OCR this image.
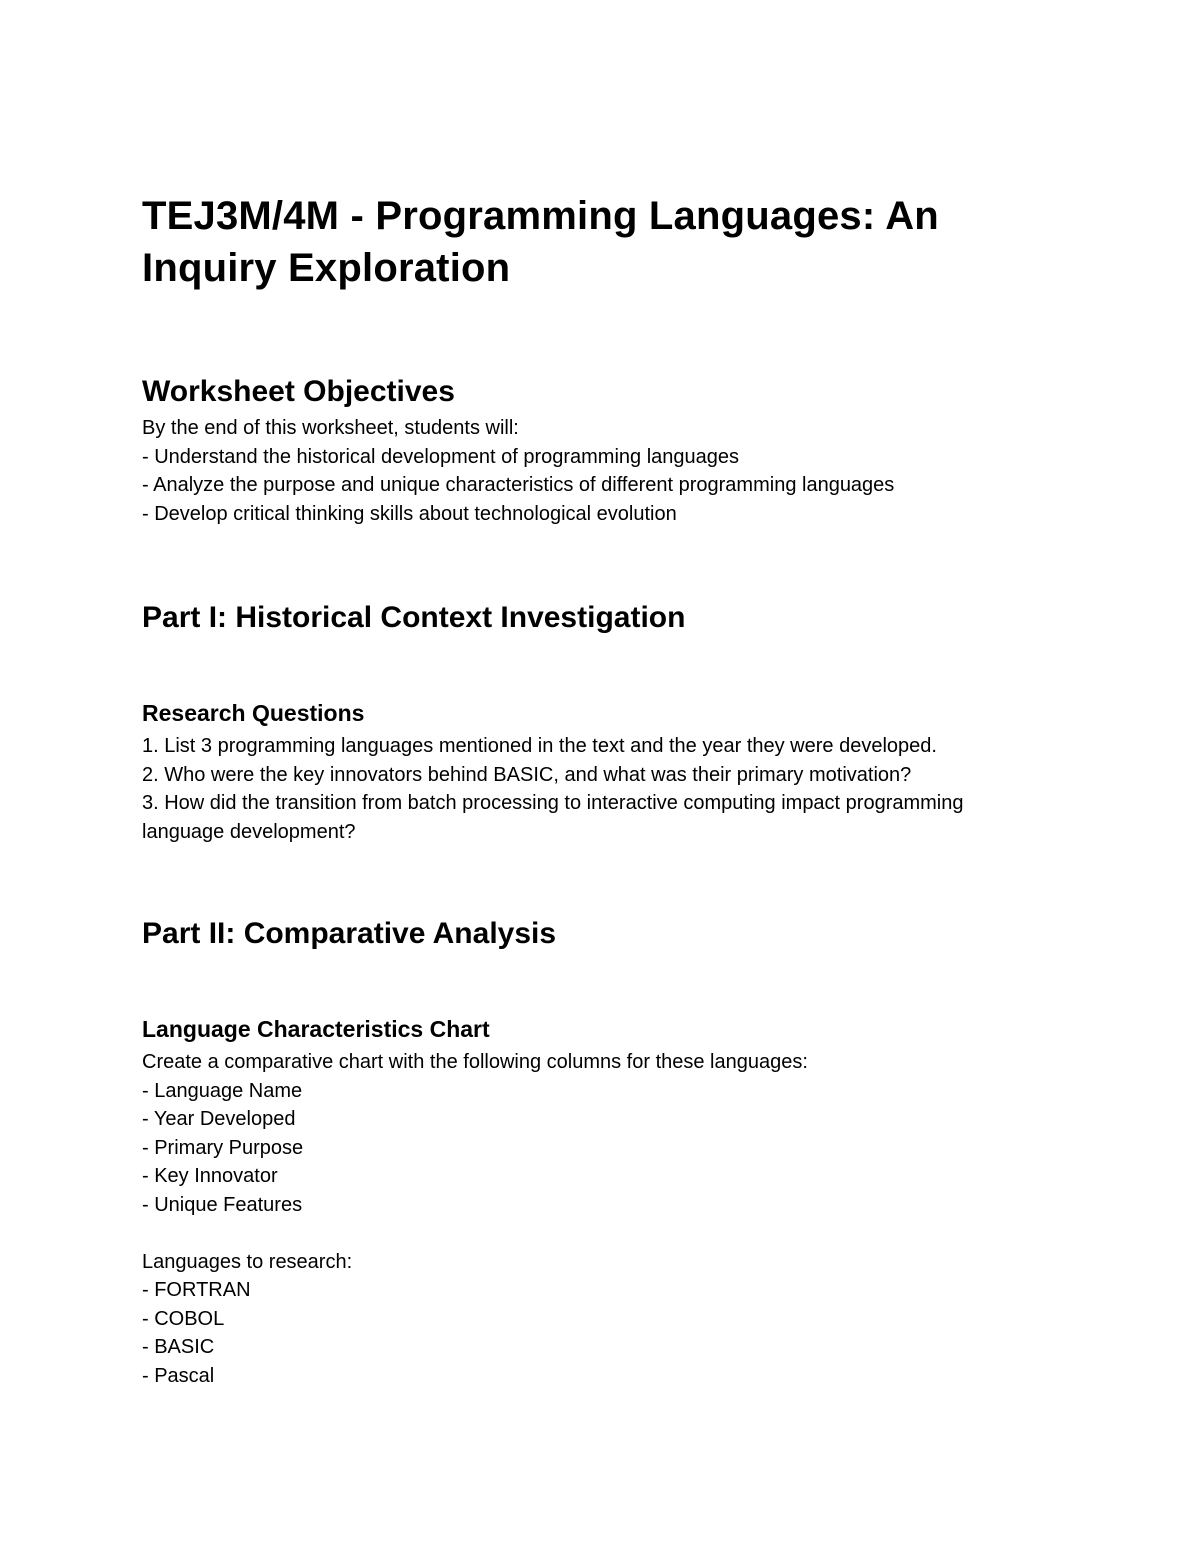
TEJ3M/4M - Programming Languages: An Inquiry Exploration
Worksheet Objectives

By the end of this worksheet, students will:

- Understand the historical development of programming languages

- Analyze the purpose and unique characteristics of different programming languages

- Develop critical thinking skills about technological evolution

Part I: Historical Context Investigation
Research Questions

1. List 3 programming languages mentioned in the text and the year they were developed.

2. Who were the key innovators behind BASIC, and what was their primary motivation?

3. How did the transition from batch processing to interactive computing impact programming language development?

Part II: Comparative Analysis
Language Characteristics Chart

Create a comparative chart with the following columns for these languages:

- Language Name

- Year Developed

- Primary Purpose

- Key Innovator

- Unique Features

Languages to research:

- FORTRAN

- COBOL

- BASIC

- Pascal
